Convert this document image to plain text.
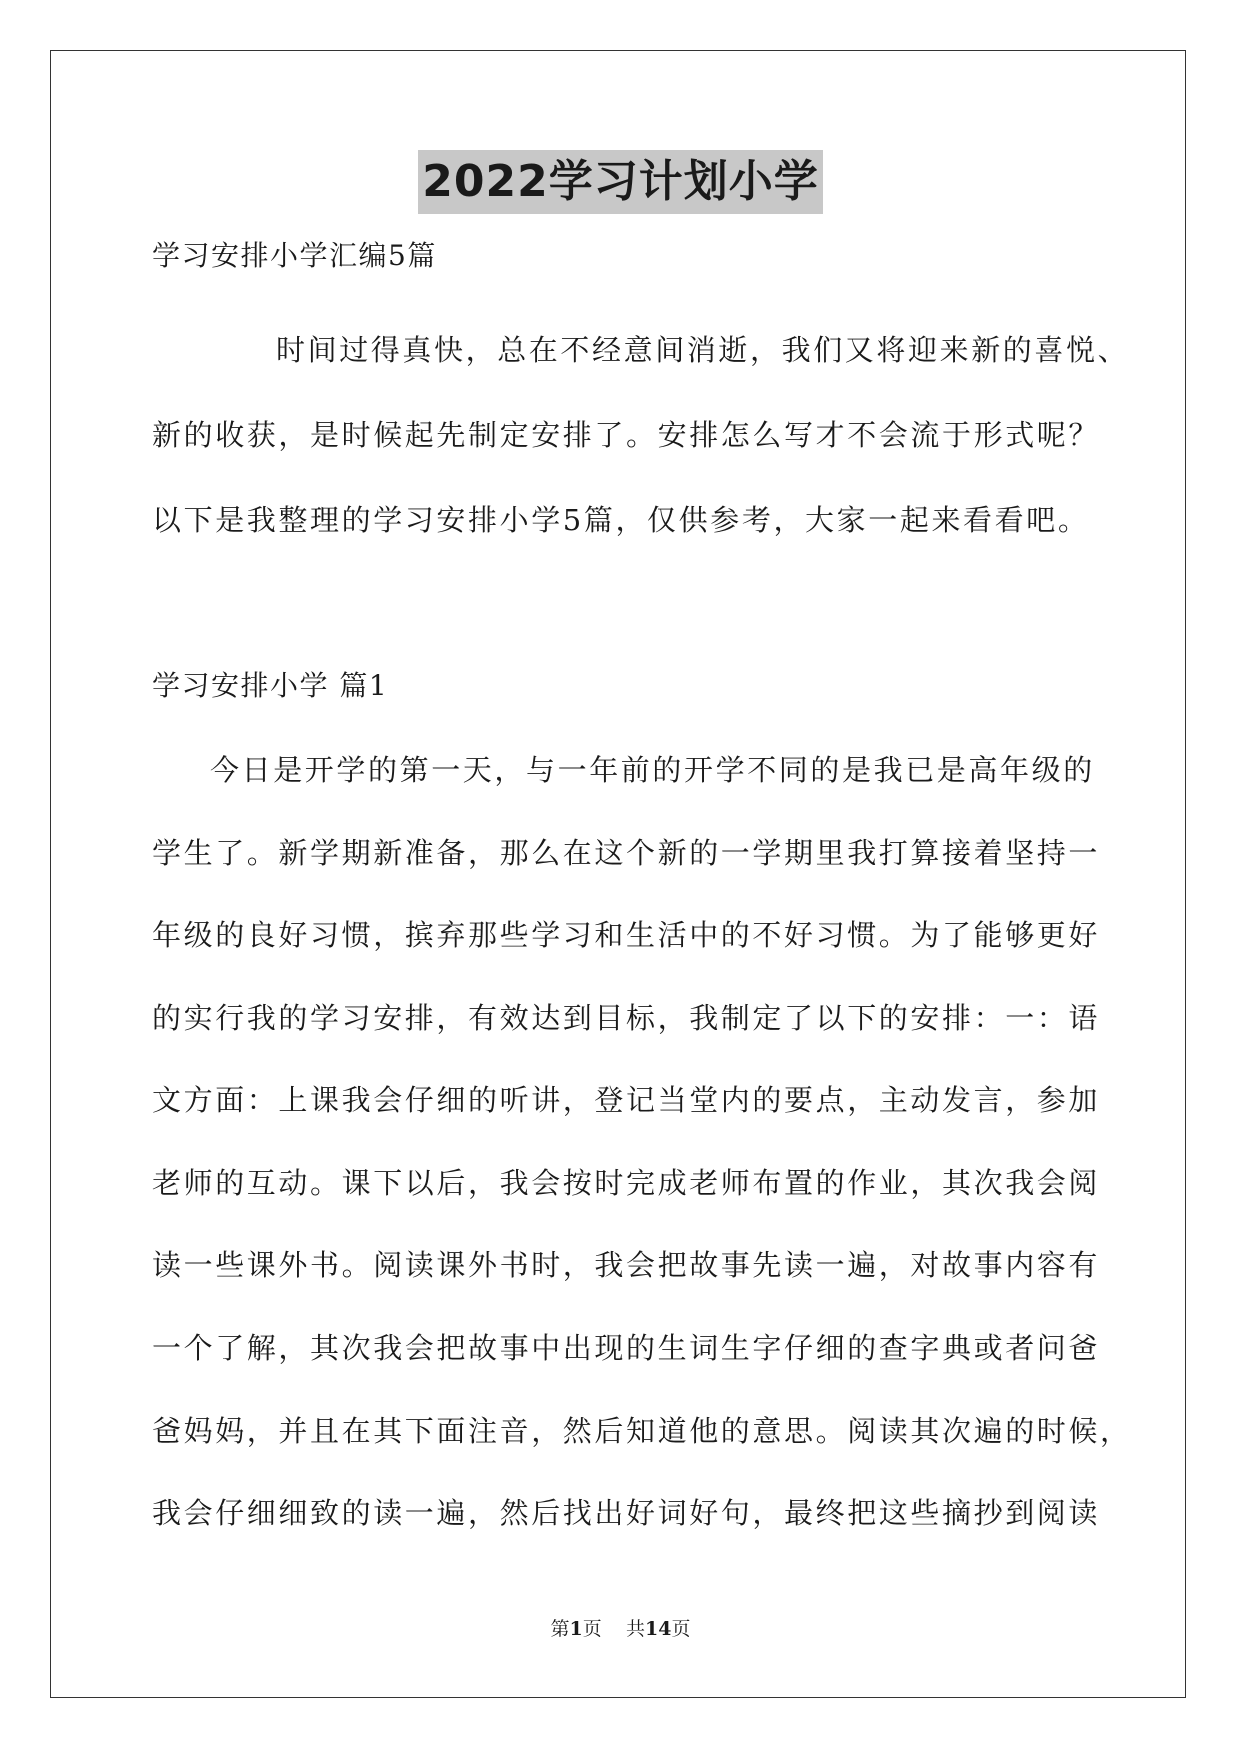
2022学习计划小学
学习安排小学汇编5篇
时间过得真快，总在不经意间消逝，我们又将迎来新的喜悦、
新的收获，是时候起先制定安排了。安排怎么写才不会流于形式呢？
以下是我整理的学习安排小学5篇，仅供参考，大家一起来看看吧。
学习安排小学 篇1
今日是开学的第一天，与一年前的开学不同的是我已是高年级的
学生了。新学期新准备，那么在这个新的一学期里我打算接着坚持一
年级的良好习惯，摈弃那些学习和生活中的不好习惯。为了能够更好
的实行我的学习安排，有效达到目标，我制定了以下的安排：一：语
文方面：上课我会仔细的听讲，登记当堂内的要点，主动发言，参加
老师的互动。课下以后，我会按时完成老师布置的作业，其次我会阅
读一些课外书。阅读课外书时，我会把故事先读一遍，对故事内容有
一个了解，其次我会把故事中出现的生词生字仔细的查字典或者问爸
爸妈妈，并且在其下面注音，然后知道他的意思。阅读其次遍的时候，
我会仔细细致的读一遍，然后找出好词好句，最终把这些摘抄到阅读
第1页 共14页
